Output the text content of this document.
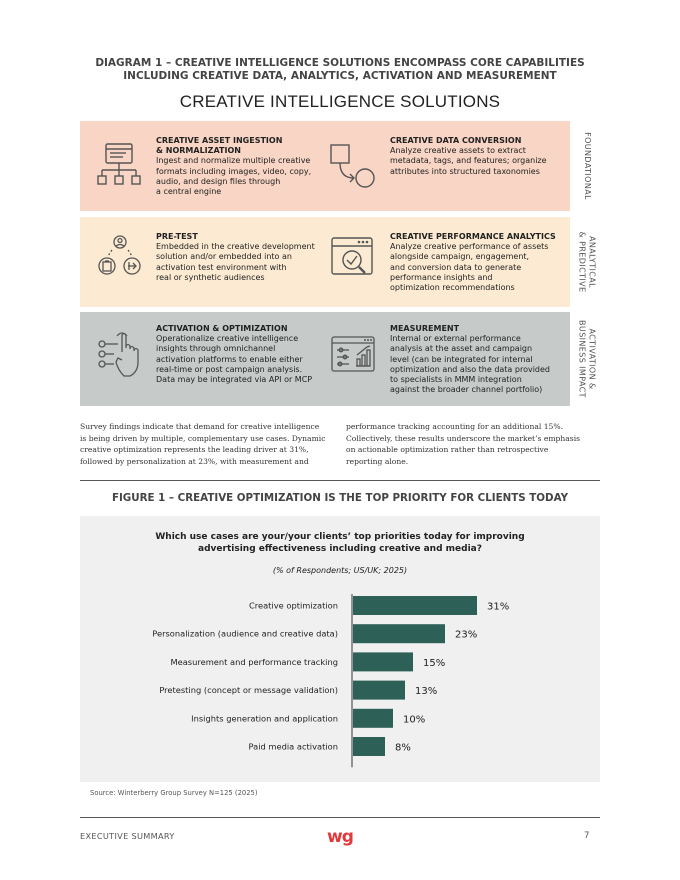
DIAGRAM 1 – CREATIVE INTELLIGENCE SOLUTIONS ENCOMPASS CORE CAPABILITIES
INCLUDING CREATIVE DATA, ANALYTICS, ACTIVATION AND MEASUREMENT
CREATIVE INTELLIGENCE SOLUTIONS
FOUNDATIONAL
ANALYTICAL
& PREDICTIVE
ACTIVATION &
BUSINESS IMPACT
CREATIVE ASSET INGESTION
& NORMALIZATION
Ingest and normalize multiple creative
formats including images, video, copy,
audio, and design files through
a central engine
CREATIVE DATA CONVERSION
Analyze creative assets to extract
metadata, tags, and features; organize
attributes into structured taxonomies
PRE-TEST
Embedded in the creative development
solution and/or embedded into an
activation test environment with
real or synthetic audiences
CREATIVE PERFORMANCE ANALYTICS
Analyze creative performance of assets
alongside campaign, engagement,
and conversion data to generate
performance insights and
optimization recommendations
ACTIVATION & OPTIMIZATION
Operationalize creative intelligence
insights through omnichannel
activation platforms to enable either
real-time or post campaign analysis.
Data may be integrated via API or MCP
MEASUREMENT
Internal or external performance
analysis at the asset and campaign
level (can be integrated for internal
optimization and also the data provided
to specialists in MMM integration
against the broader channel portfolio)
Survey findings indicate that demand for creative intelligence
is being driven by multiple, complementary use cases. Dynamic
creative optimization represents the leading driver at 31%,
followed by personalization at 23%, with measurement and
performance tracking accounting for an additional 15%.
Collectively, these results underscore the market’s emphasis
on actionable optimization rather than retrospective
reporting alone.
FIGURE 1 – CREATIVE OPTIMIZATION IS THE TOP PRIORITY FOR CLIENTS TODAY
Which use cases are your/your clients’ top priorities today for improving
advertising effectiveness including creative and media?
(% of Respondents; US/UK; 2025)
Creative optimization	31%
Personalization (audience and creative data)	23%
Measurement and performance tracking	15%
Pretesting (concept or message validation)	13%
Insights generation and application	10%
Paid media activation	8%
Source: Winterberry Group Survey N=125 (2025)
EXECUTIVE SUMMARY	wg	7
